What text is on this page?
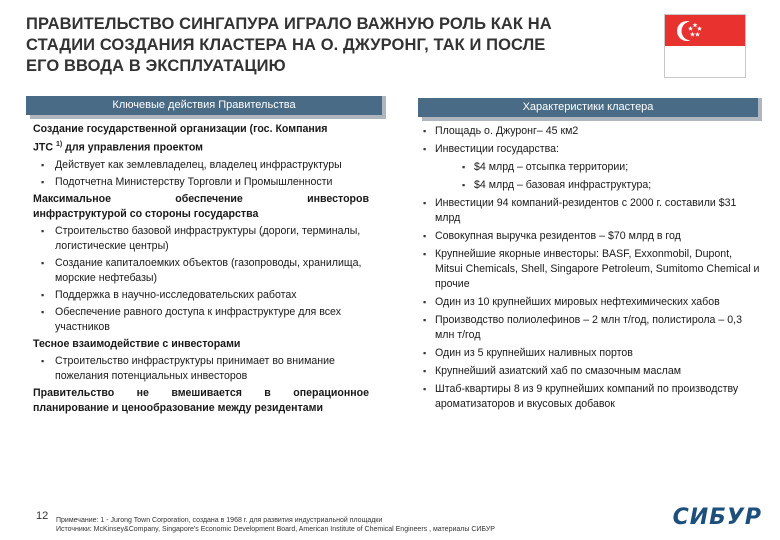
ПРАВИТЕЛЬСТВО СИНГАПУРА ИГРАЛО ВАЖНУЮ РОЛЬ КАК НА
СТАДИИ СОЗДАНИЯ КЛАСТЕРА НА О. ДЖУРОНГ, ТАК И ПОСЛЕ
ЕГО ВВОДА В ЭКСПЛУАТАЦИЮ
Ключевые действия Правительства	Характеристики кластера
Создание государственной организации (гос. Компания
JTC $^{1)}$ для управления проектом
▪ Действует как землевладелец, владелец инфраструктуры
▪ Подотчетна Министерству Торговли и Промышленности
Максимальное обеспечение инвесторов
инфраструктурой со стороны государства
▪ Строительство базовой инфраструктуры (дороги, терминалы, логистические центры)
▪ Создание капиталоемких объектов (газопроводы, хранилища, морские нефтебазы)
▪ Поддержка в научно-исследовательских работах
▪ Обеспечение равного доступа к инфраструктуре для всех участников
Тесное взаимодействие с инвесторами
▪ Строительство инфраструктуры принимает во внимание пожелания потенциальных инвесторов
Правительство не вмешивается в операционное
планирование и ценообразование между резидентами
▪ Площадь о. Джуронг– 45 км2
▪ Инвестиции государства:
▪ $4 млрд – отсыпка территории;
▪ $4 млрд – базовая инфраструктура;
▪ Инвестиции 94 компаний-резидентов с 2000 г. составили $31 млрд
▪ Совокупная выручка резидентов – $70 млрд в год
▪ Крупнейшие якорные инвесторы: BASF, Exxonmobil, Dupont, Mitsui Chemicals, Shell, Singapore Petroleum, Sumitomo Chemical и прочие
▪ Один из 10 крупнейших мировых нефтехимических хабов
▪ Производство полиолефинов – 2 млн т/год, полистирола – 0,3 млн т/год
▪ Один из 5 крупнейших наливных портов
▪ Крупнейший азиатский хаб по смазочным маслам
▪ Штаб-квартиры 8 из 9 крупнейших компаний по производству ароматизаторов и вкусовых добавок
12 Примечание: 1 - Jurong Town Corporation, создана в 1968 г. для развития индустриальной площадки
Источники: McKinsey&Company, Singapore's Economic Development Board, American Institute of Chemical Engineers , материалы СИБУР	СИБУР
